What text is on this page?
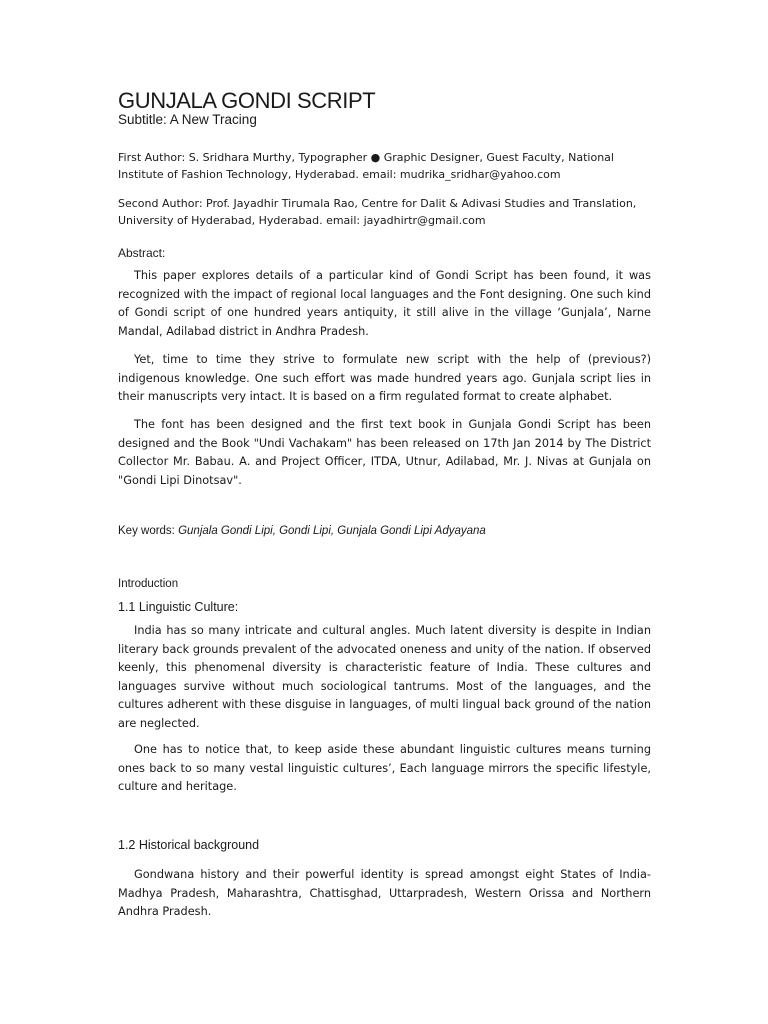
GUNJALA GONDI SCRIPT

Subtitle: A New Tracing

First Author: S. Sridhara Murthy, Typographer ● Graphic Designer, Guest Faculty, National Institute of Fashion Technology, Hyderabad. email: mudrika_sridhar@yahoo.com

Second Author: Prof. Jayadhir Tirumala Rao, Centre for Dalit & Adivasi Studies and Translation, University of Hyderabad, Hyderabad. email: jayadhirtr@gmail.com

Abstract:

This paper explores details of a particular kind of Gondi Script has been found, it was recognized with the impact of regional local languages and the Font designing. One such kind of Gondi script of one hundred years antiquity, it still alive in the village ‘Gunjala’, Narne Mandal, Adilabad district in Andhra Pradesh.

Yet, time to time they strive to formulate new script with the help of (previous?) indigenous knowledge. One such effort was made hundred years ago. Gunjala script lies in their manuscripts very intact. It is based on a firm regulated format to create alphabet.

The font has been designed and the first text book in Gunjala Gondi Script has been designed and the Book "Undi Vachakam" has been released on 17th Jan 2014 by The District Collector Mr. Babau. A. and Project Officer, ITDA, Utnur, Adilabad, Mr. J. Nivas at Gunjala on "Gondi Lipi Dinotsav".

Key words: Gunjala Gondi Lipi, Gondi Lipi, Gunjala Gondi Lipi Adyayana

Introduction

1.1 Linguistic Culture:

India has so many intricate and cultural angles. Much latent diversity is despite in Indian literary back grounds prevalent of the advocated oneness and unity of the nation. If observed keenly, this phenomenal diversity is characteristic feature of India. These cultures and languages survive without much sociological tantrums. Most of the languages, and the cultures adherent with these disguise in languages, of multi lingual back ground of the nation are neglected.

One has to notice that, to keep aside these abundant linguistic cultures means turning ones back to so many vestal linguistic cultures’, Each language mirrors the specific lifestyle, culture and heritage.

1.2 Historical background

Gondwana history and their powerful identity is spread amongst eight States of India-Madhya Pradesh, Maharashtra, Chattisghad, Uttarpradesh, Western Orissa and Northern Andhra Pradesh.
